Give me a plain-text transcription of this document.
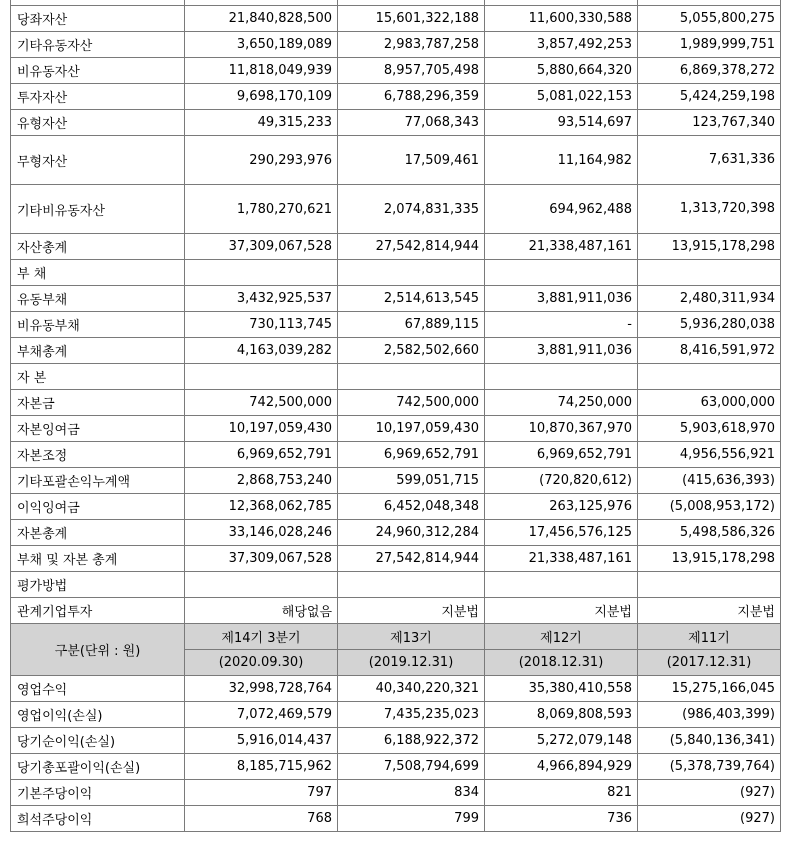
당좌자산	21,840,828,500	15,601,322,188	11,600,330,588	5,055,800,275
기타유동자산	3,650,189,089	2,983,787,258	3,857,492,253	1,989,999,751
비유동자산	11,818,049,939	8,957,705,498	5,880,664,320	6,869,378,272
투자자산	9,698,170,109	6,788,296,359	5,081,022,153	5,424,259,198
유형자산	49,315,233	77,068,343	93,514,697	123,767,340
무형자산	290,293,976	17,509,461	11,164,982	7,631,336
기타비유동자산	1,780,270,621	2,074,831,335	694,962,488	1,313,720,398
자산총계	37,309,067,528	27,542,814,944	21,338,487,161	13,915,178,298
부 채				
유동부채	3,432,925,537	2,514,613,545	3,881,911,036	2,480,311,934
비유동부채	730,113,745	67,889,115	-	5,936,280,038
부채총계	4,163,039,282	2,582,502,660	3,881,911,036	8,416,591,972
자 본				
자본금	742,500,000	742,500,000	74,250,000	63,000,000
자본잉여금	10,197,059,430	10,197,059,430	10,870,367,970	5,903,618,970
자본조정	6,969,652,791	6,969,652,791	6,969,652,791	4,956,556,921
기타포괄손익누계액	2,868,753,240	599,051,715	(720,820,612)	(415,636,393)
이익잉여금	12,368,062,785	6,452,048,348	263,125,976	(5,008,953,172)
자본총계	33,146,028,246	24,960,312,284	17,456,576,125	5,498,586,326
부채 및 자본 총계	37,309,067,528	27,542,814,944	21,338,487,161	13,915,178,298
평가방법				
관계기업투자	해당없음	지분법	지분법	지분법
구분(단위 : 원)	제14기 3분기	제13기	제12기	제11기
	(2020.09.30)	(2019.12.31)	(2018.12.31)	(2017.12.31)
영업수익	32,998,728,764	40,340,220,321	35,380,410,558	15,275,166,045
영업이익(손실)	7,072,469,579	7,435,235,023	8,069,808,593	(986,403,399)
당기순이익(손실)	5,916,014,437	6,188,922,372	5,272,079,148	(5,840,136,341)
당기총포괄이익(손실)	8,185,715,962	7,508,794,699	4,966,894,929	(5,378,739,764)
기본주당이익	797	834	821	(927)
희석주당이익	768	799	736	(927)
